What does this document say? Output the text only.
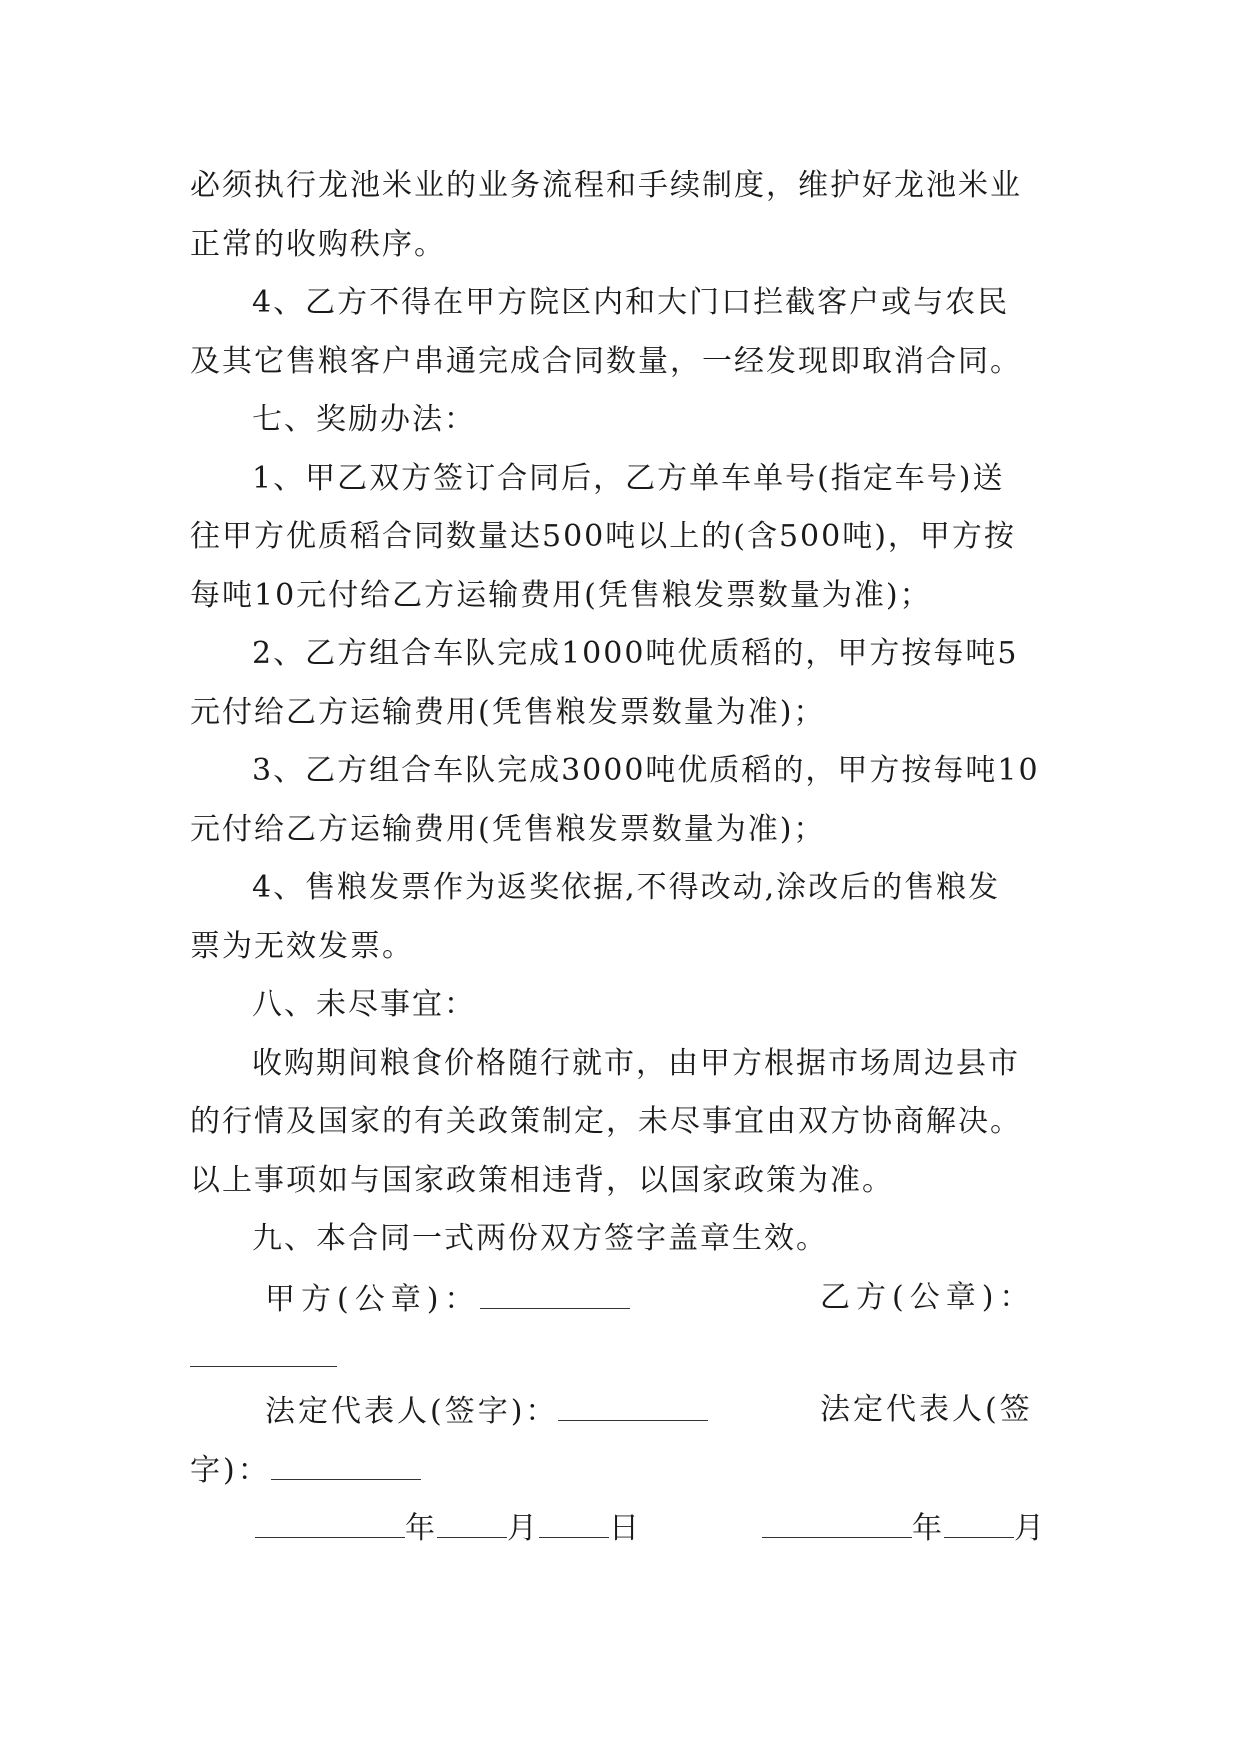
必须执行龙池米业的业务流程和手续制度，维护好龙池米业
正常的收购秩序。
4、乙方不得在甲方院区内和大门口拦截客户或与农民
及其它售粮客户串通完成合同数量，一经发现即取消合同。
七、奖励办法：
1、甲乙双方签订合同后，乙方单车单号(指定车号)送
往甲方优质稻合同数量达500吨以上的(含500吨)，甲方按
每吨10元付给乙方运输费用(凭售粮发票数量为准)；
2、乙方组合车队完成1000吨优质稻的，甲方按每吨5
元付给乙方运输费用(凭售粮发票数量为准)；
3、乙方组合车队完成3000吨优质稻的，甲方按每吨10
元付给乙方运输费用(凭售粮发票数量为准)；
4、售粮发票作为返奖依据,不得改动,涂改后的售粮发
票为无效发票。
八、未尽事宜：
收购期间粮食价格随行就市，由甲方根据市场周边县市
的行情及国家的有关政策制定，未尽事宜由双方协商解决。
以上事项如与国家政策相违背，以国家政策为准。
九、本合同一式两份双方签字盖章生效。
甲方(公章)：	乙方(公章)：
法定代表人(签字)：	法定代表人(签
字)：
年 月 日	年 月
